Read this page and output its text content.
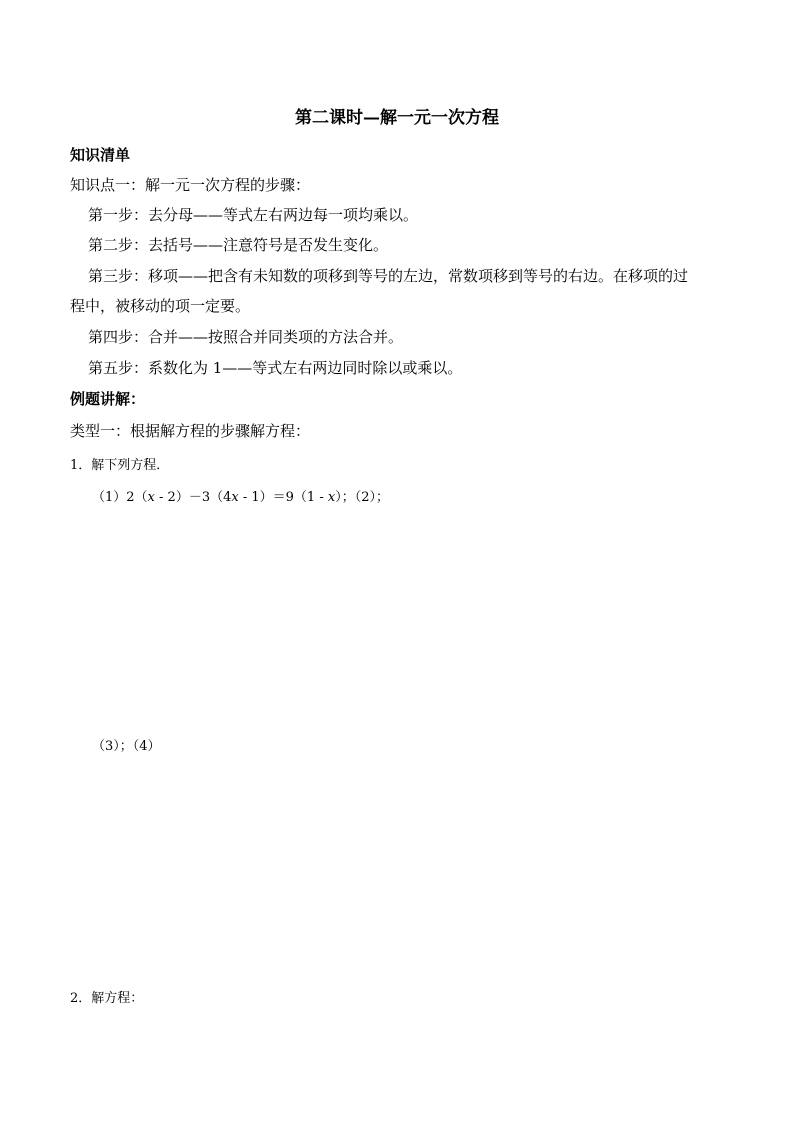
第二课时—解一元一次方程
知识清单
知识点一：解一元一次方程的步骤：
第一步：去分母——等式左右两边每一项均乘以。
第二步：去括号——注意符号是否发生变化。
第三步：移项——把含有未知数的项移到等号的左边，常数项移到等号的右边。在移项的过
程中，被移动的项一定要。
第四步：合并——按照合并同类项的方法合并。
第五步：系数化为 1——等式左右两边同时除以或乘以。
例题讲解：
类型一：根据解方程的步骤解方程：
1．解下列方程．
（1）2（x - 2）－3（4x - 1）＝9（1 - x）；（2）；
（3）；（4）
2．解方程：
